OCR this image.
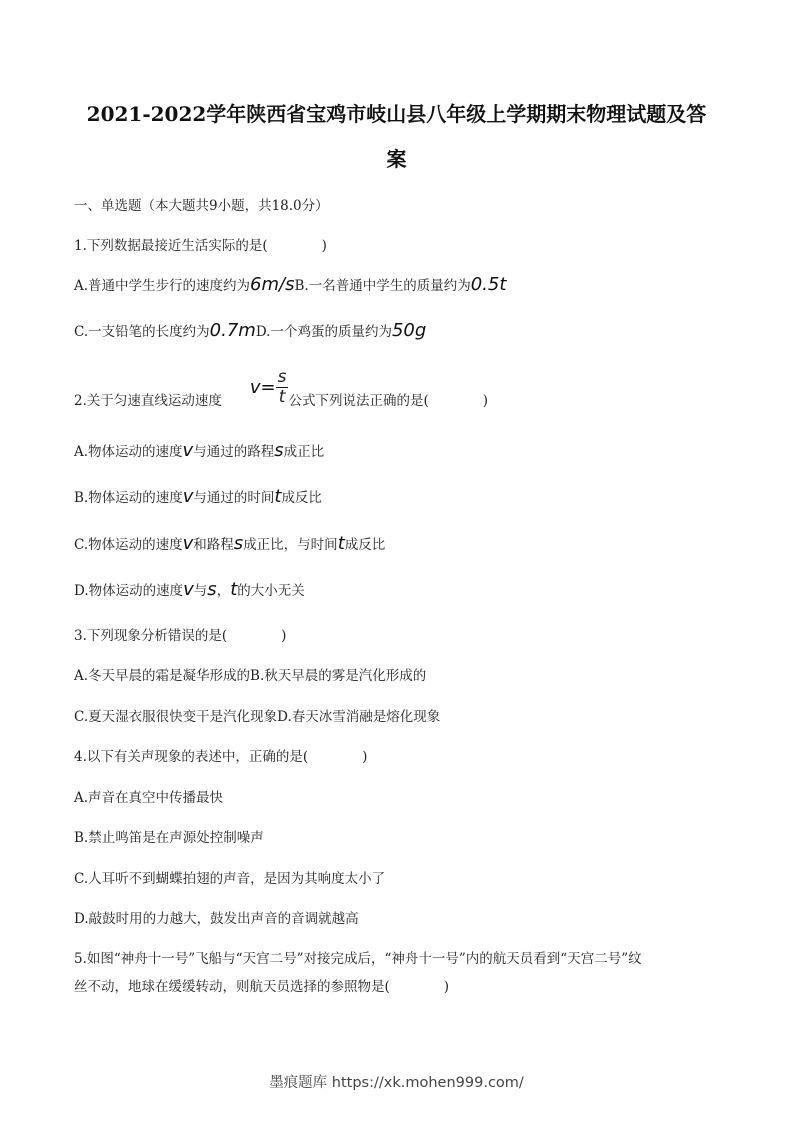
2021-2022学年陕西省宝鸡市岐山县八年级上学期期末物理试题及答
案
一、单选题（本大题共9小题，共18.0分）
1.下列数据最接近生活实际的是(　　　　)
A.普通中学生步行的速度约为6m/sB.一名普通中学生的质量约为0.5t
C.一支铅笔的长度约为0.7mD.一个鸡蛋的质量约为50g
2.关于匀速直线运动速度$v= \frac{s}{t}$ 公式下列说法正确的是(　　　　)
A.物体运动的速度v与通过的路程s成正比
B.物体运动的速度v与通过的时间t成反比
C.物体运动的速度v和路程s成正比，与时间t成反比
D.物体运动的速度v与s，t的大小无关
3.下列现象分析错误的是(　　　　)
A.冬天早晨的霜是凝华形成的B.秋天早晨的雾是汽化形成的
C.夏天湿衣服很快变干是汽化现象D.春天冰雪消融是熔化现象
4.以下有关声现象的表述中，正确的是(　　　　)
A.声音在真空中传播最快
B.禁止鸣笛是在声源处控制噪声
C.人耳听不到蝴蝶拍翅的声音，是因为其响度太小了
D.敲鼓时用的力越大，鼓发出声音的音调就越高
5.如图“神舟十一号”飞船与“天宫二号”对接完成后，“神舟十一号”内的航天员看到“天宫二号”纹
丝不动，地球在缓缓转动，则航天员选择的参照物是(　　　　)
墨痕题库 https://xk.mohen999.com/
